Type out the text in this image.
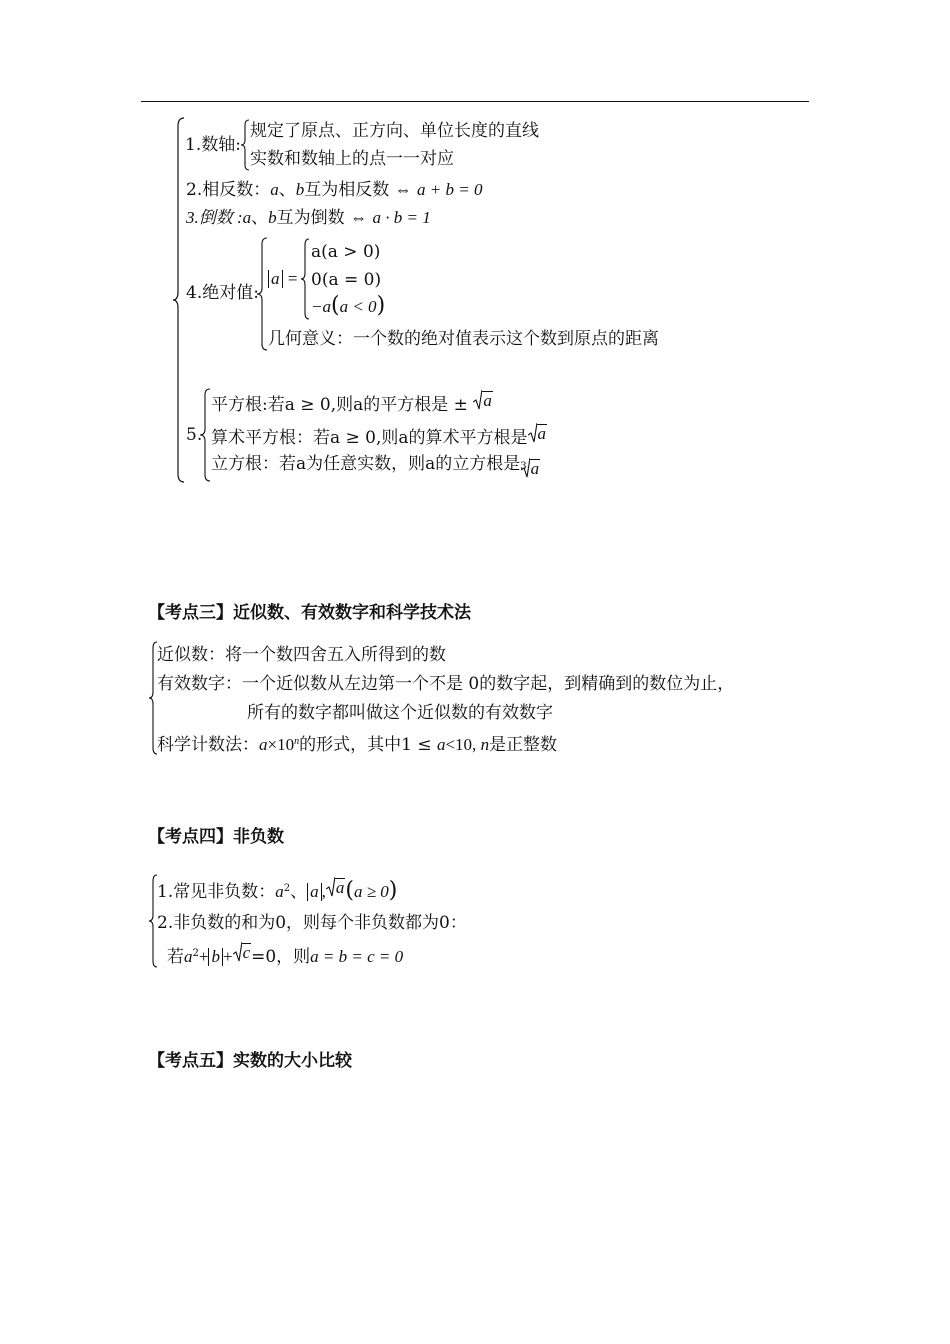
1.数轴:
规定了原点、正方向、单位长度的直线
实数和数轴上的点一一对应
2.相反数：a、b互为相反数 ⇔ a + b = 0
3.倒数 :a、b互为倒数 ⇔ a · b = 1
4.绝对值:
a =
a(a > 0)
0(a = 0)
−a(a < 0)
几何意义：一个数的绝对值表示这个数到原点的距离
5.
平方根:若a ≥ 0,则a的平方根是 ± a
算术平方根：若a ≥ 0,则a的算术平方根是 a
立方根：若a为任意实数，则a的立方根是 3 a
【考点三】近似数、有效数字和科学技术法
近似数：将一个数四舍五入所得到的数
有效数字：一个近似数从左边第一个不是 0的数字起，到精确到的数位为止，
所有的数字都叫做这个近似数的有效数字
科学计数法：$a\times 10^n$的形式，其中1 ≤ a<10, n是正整数
【考点四】非负数
1.常见非负数：$a^2$、 a , a (a ≥ 0)
2.非负数的和为0，则每个非负数都为0：
若$a^2+ b + c =0$，则a = b = c = 0
【考点五】实数的大小比较
